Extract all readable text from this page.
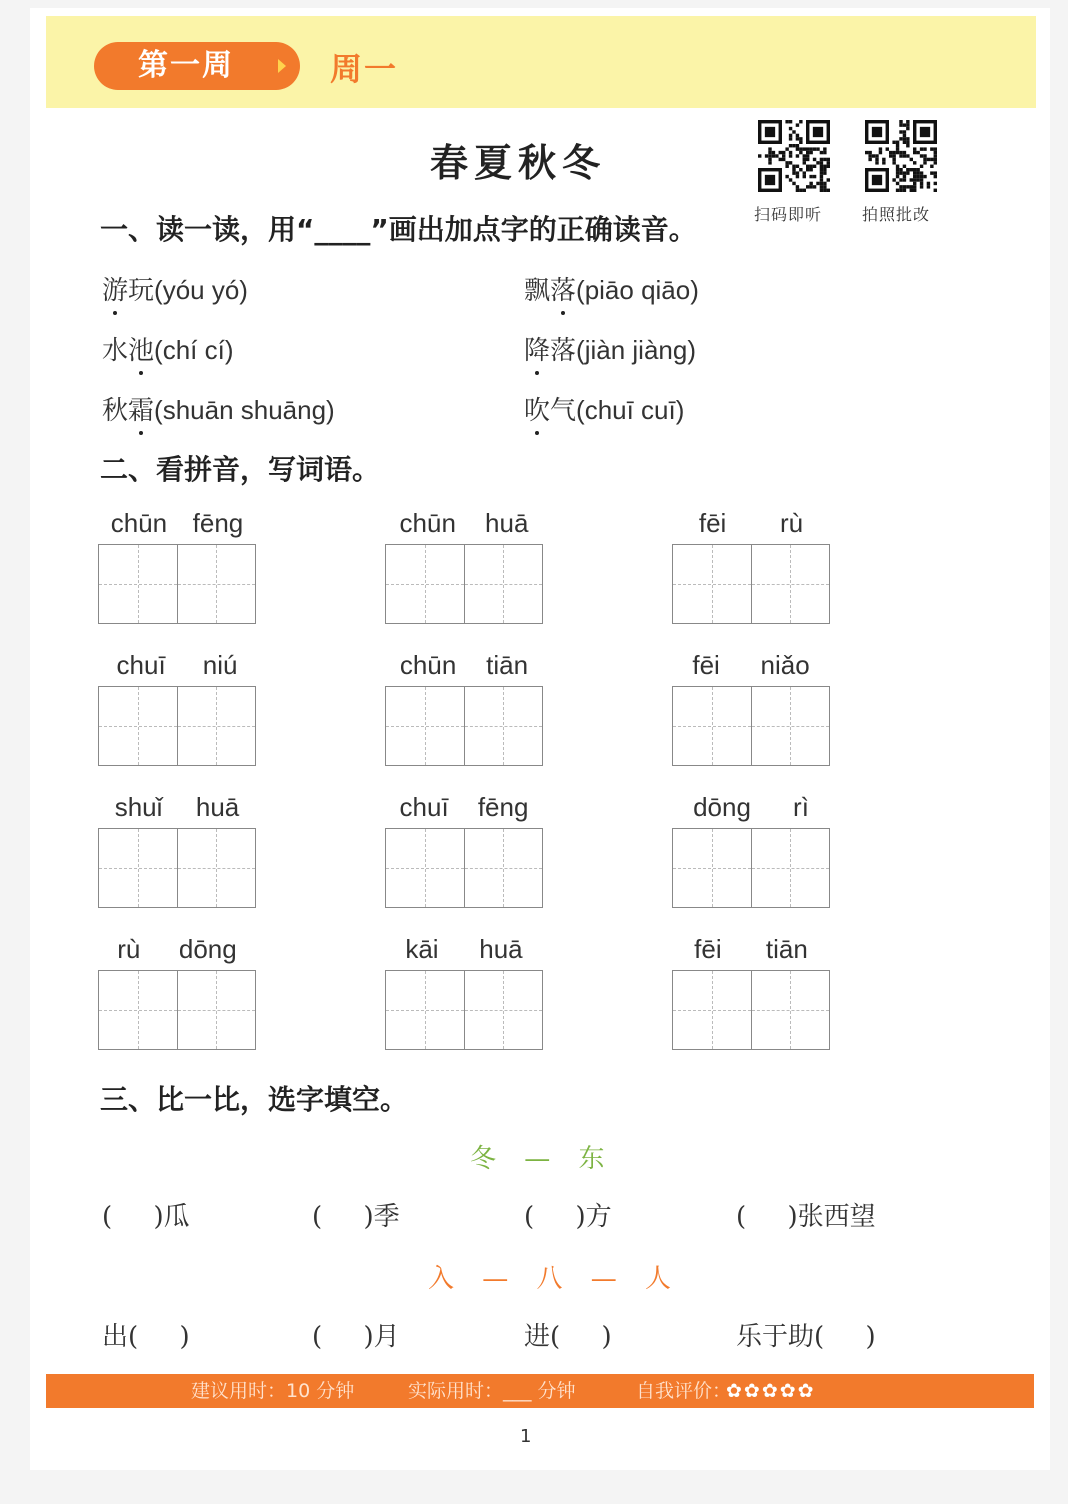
第一周	周一
春夏秋冬
扫码即听 拍照批改
一、读一读，用“____”画出加点字的正确读音。
游玩(yóu yó)	飘落(piāo qiāo)
水池(chí cí)	降落(jiàn jiàng)
秋霜(shuān shuāng)	吹气(chuī cuī)
二、看拼音，写词语。
chūn fēng	chūn huā	fēi rù
chuī niú	chūn tiān	fēi niǎo
shuǐ huā	chuī fēng	dōng rì
rù dōng	kāi huā	fēi tiān
三、比一比，选字填空。
冬 — 东
(     )瓜	(     )季	(     )方	(     )张西望
入 — 八 — 人
出(     )	(     )月	进(     )	乐于助(     )
建议用时：10 分钟	实际用时：___ 分钟	自我评价：
✿✿✿✿✿
1
